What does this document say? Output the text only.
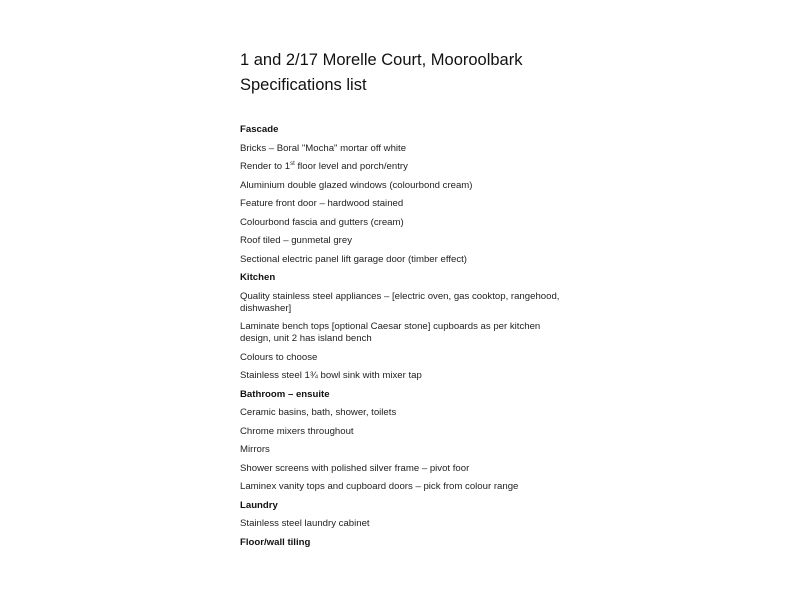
1 and 2/17 Morelle Court, Mooroolbark

Specifications list

Fascade
Bricks – Boral "Mocha" mortar off white
Render to 1st floor level and porch/entry
Aluminium double glazed windows (colourbond cream)
Feature front door – hardwood stained
Colourbond fascia and gutters (cream)
Roof tiled – gunmetal grey
Sectional electric panel lift garage door (timber effect)
Kitchen
Quality stainless steel appliances – [electric oven, gas cooktop, rangehood, dishwasher]
Laminate bench tops [optional Caesar stone] cupboards as per kitchen design, unit 2 has island bench
Colours to choose
Stainless steel 1¾ bowl sink with mixer tap
Bathroom – ensuite
Ceramic basins, bath, shower, toilets
Chrome mixers throughout
Mirrors
Shower screens with polished silver frame – pivot foor
Laminex vanity tops and cupboard doors – pick from colour range
Laundry
Stainless steel laundry cabinet
Floor/wall tiling
